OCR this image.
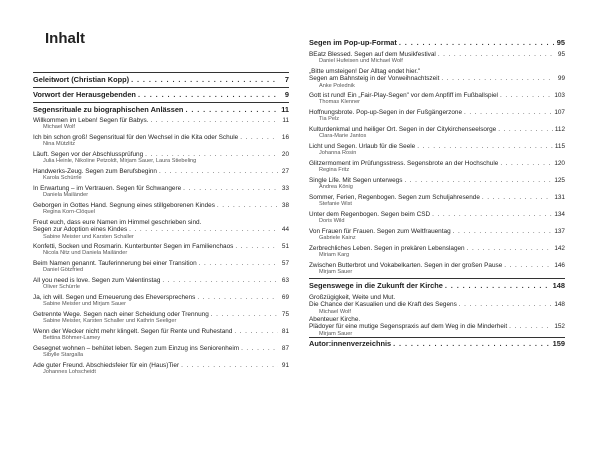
Inhalt
Geleitwort (Christian Kopp) . . .	7
Vorwort der Herausgebenden . . .	9
Segensrituale zu biographischen Anlässen . . .	11
Willkommen im Leben! Segen für Babys. . . .	11
Michael Wolf
Ich bin schon groß! Segensritual für den Wechsel in die Kita oder Schule . . .	16
Nina Mützlitz
Läuft. Segen vor der Abschlussprüfung . . .	20
Julia Heinle, Nikoline Petzoldt, Mirjam Sauer, Laura Stiebeling
Handwerks-Zeug. Segen zum Berufsbeginn . . .	27
Karola Schürrle
In Erwartung – im Vertrauen. Segen für Schwangere . . .	33
Daniela Mailänder
Geborgen in Gottes Hand. Segnung eines stillgeborenen Kindes . . .	38
Regina Korn-Clöquel
Freut euch, dass eure Namen im Himmel geschrieben sind.
Segen zur Adoption eines Kindes . . .	44
Sabine Meister und Karsten Schaller
Konfetti, Socken und Rosmarin. Kunterbunter Segen im Familienchaos . . .	51
Nicola Nitz und Daniela Mailänder
Beim Namen genannt. Tauferinnerung bei einer Transition . . .	57
Daniel Götzfried
All you need is love. Segen zum Valentinstag . . .	63
Oliver Schürrle
Ja, ich will. Segen und Erneuerung des Eheversprechens . . .	69
Sabine Meister und Mirjam Sauer
Getrennte Wege. Segen nach einer Scheidung oder Trennung . . .	75
Sabine Meister, Karsten Schaller und Kathrin Seeliger
Wenn der Wecker nicht mehr klingelt. Segen für Rente und Ruhestand . . .	81
Bettina Böhmer-Lamey
Gesegnet wohnen – behütet leben. Segen zum Einzug ins Seniorenheim . . .	87
Sibylle Stargalla
Ade guter Freund. Abschiedsfeier für ein (Haus)Tier . . .	91
Johannes Lohscheidt
Segen im Pop-up-Format . . .	95
BEatz Blessed. Segen auf dem Musikfestival . . .	95
Daniel Hufeisen und Michael Wolf
„Bitte umsteigen! Der Alltag endet hier."
Segen am Bahnsteig in der Vorweihnachtszeit . . .	99
Anke Polednik
Gott ist rund! Ein „Fair-Play-Segen" vor dem Anpfiff im Fußballspiel . . .	103
Thomas Klenner
Hoffnungsbrote. Pop-up-Segen in der Fußgängerzone . . .	107
Tia Pelz
Kulturdenkmal und heiliger Ort. Segen in der Citykirchenseelsorge . . .	112
Clara-Marie Jantos
Licht und Segen. Urlaub für die Seele . . .	115
Johanna Rosin
Glitzermoment im Prüfungsstress. Segensbrote an der Hochschule . . .	120
Regina Fritz
Single Life. Mit Segen unterwegs . . .	125
Andrea König
Sommer, Ferien, Regenbogen. Segen zum Schuljahresende . . .	131
Stefanie Wist
Unter dem Regenbogen. Segen beim CSD . . .	134
Doris Wild
Von Frauen für Frauen. Segen zum Weltfrauentag . . .	137
Gabriele Kainz
Zerbrechliches Leben. Segen in prekären Lebenslagen . . .	142
Miriam Karg
Zwischen Butterbrot und Vokabelkarten. Segen in der großen Pause . . .	146
Mirjam Sauer
Segenswege in die Zukunft der Kirche . . .	148
Großzügigkeit, Weite und Mut.
Die Chance der Kasualien und die Kraft des Segens . . .	148
Michael Wolf
Abenteuer Kirche.
Plädoyer für eine mutige Segenspraxis auf dem Weg in die Minderheit . . .	152
Mirjam Sauer
Autor:innenverzeichnis . . .	159
